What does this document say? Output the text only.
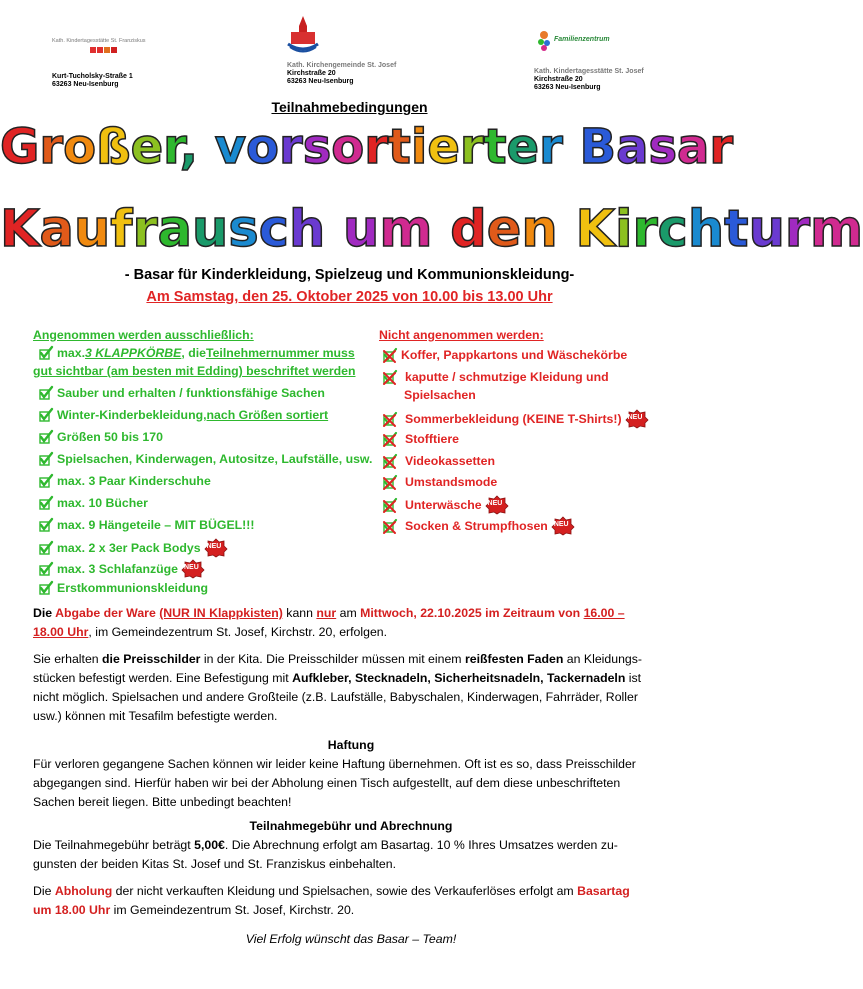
Kath. Kindertagesstätte St. Franziskus
Kurt-Tucholsky-Straße 1
63263 Neu-Isenburg
Kath. Kirchengemeinde St. Josef
Kirchstraße 20
63263 Neu-Isenburg
Familienzentrum
Kath. Kindertagesstätte St. Josef
Kirchstraße 20
63263 Neu-Isenburg
Teilnahmebedingungen
Großer, vorsortierter Basar
Kaufrausch um den Kirchturm
- Basar für Kinderkleidung, Spielzeug und Kommunionskleidung-
Am Samstag, den 25. Oktober 2025 von 10.00 bis 13.00 Uhr
Angenommen werden ausschließlich:
max. 3 KLAPPKÖRBE , die Teilnehmernummer muss
gut sichtbar (am besten mit Edding) beschriftet werden
Sauber und erhalten / funktionsfähige Sachen
Winter-Kinderbekleidung, nach Größen sortiert
Größen 50 bis 170
Spielsachen, Kinderwagen, Autositze, Laufställe, usw.
max. 3 Paar Kinderschuhe
max. 10 Bücher
max. 9 Hängeteile – MIT BÜGEL!!!
max. 2 x 3er Pack Bodys NEU
max. 3 Schlafanzüge NEU
Erstkommunionskleidung
Nicht angenommen werden:
Koffer, Pappkartons und Wäschekörbe
kaputte / schmutzige Kleidung und
Spielsachen
Sommerbekleidung (KEINE T-Shirts!) NEU
Stofftiere
Videokassetten
Umstandsmode
Unterwäsche NEU
Socken & Strumpfhosen NEU
Die Abgabe der Ware (NUR IN Klappkisten) kann nur am Mittwoch, 22.10.2025 im Zeitraum von 16.00 –
18.00 Uhr, im Gemeindezentrum St. Josef, Kirchstr. 20, erfolgen.
Sie erhalten die Preisschilder in der Kita. Die Preisschilder müssen mit einem reißfesten Faden an Kleidungs-
stücken befestigt werden. Eine Befestigung mit Aufkleber, Stecknadeln, Sicherheitsnadeln, Tackernadeln ist
nicht möglich. Spielsachen und andere Großteile (z.B. Laufställe, Babyschalen, Kinderwagen, Fahrräder, Roller
usw.) können mit Tesafilm befestigte werden.
Haftung
Für verloren gegangene Sachen können wir leider keine Haftung übernehmen. Oft ist es so, dass Preisschilder
abgegangen sind. Hierfür haben wir bei der Abholung einen Tisch aufgestellt, auf dem diese unbeschrifteten
Sachen bereit liegen. Bitte unbedingt beachten!
Teilnahmegebühr und Abrechnung
Die Teilnahmegebühr beträgt 5,00€. Die Abrechnung erfolgt am Basartag. 10 % Ihres Umsatzes werden zu-
gunsten der beiden Kitas St. Josef und St. Franziskus einbehalten.
Die Abholung der nicht verkauften Kleidung und Spielsachen, sowie des Verkauferlöses erfolgt am Basartag
um 18.00 Uhr im Gemeindezentrum St. Josef, Kirchstr. 20.
Viel Erfolg wünscht das Basar – Team!
